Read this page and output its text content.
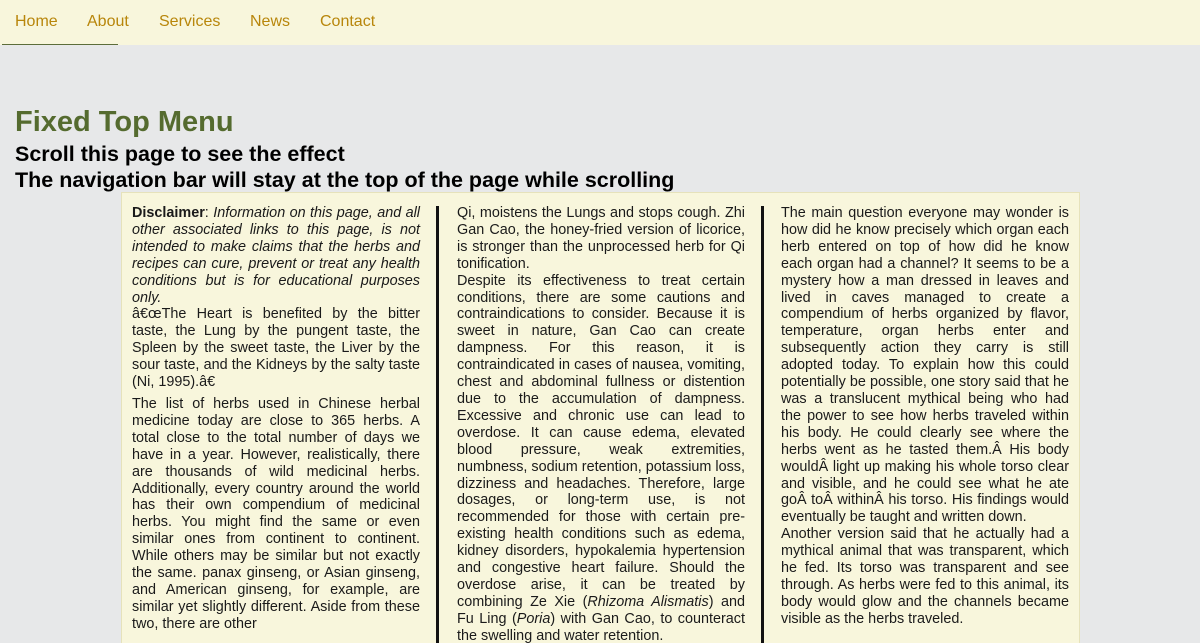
Home About Services News Contact
Fixed Top Menu
Scroll this page to see the effect
The navigation bar will stay at the top of the page while scrolling

Disclaimer: Information on this page, and all other associated links to this page, is not intended to make claims that the herbs and recipes can cure, prevent or treat any health conditions but is for educational purposes only.

â€œThe Heart is benefited by the bitter taste, the Lung by the pungent taste, the Spleen by the sweet taste, the Liver by the sour taste, and the Kidneys by the salty taste (Ni, 1995).â€

The list of herbs used in Chinese herbal medicine today are close to 365 herbs. A total close to the total number of days we have in a year. However, realistically, there are thousands of wild medicinal herbs. Additionally, every country around the world has their own compendium of medicinal herbs. You might find the same or even similar ones from continent to continent. While others may be similar but not exactly the same. panax ginseng, or Asian ginseng, and American ginseng, for example, are similar yet slightly different. Aside from these two, there are other

Qi, moistens the Lungs and stops cough. Zhi Gan Cao, the honey-fried version of licorice, is stronger than the unprocessed herb for Qi tonification.

Despite its effectiveness to treat certain conditions, there are some cautions and contraindications to consider. Because it is sweet in nature, Gan Cao can create dampness. For this reason, it is contraindicated in cases of nausea, vomiting, chest and abdominal fullness or distention due to the accumulation of dampness. Excessive and chronic use can lead to overdose. It can cause edema, elevated blood pressure, weak extremities, numbness, sodium retention, potassium loss, dizziness and headaches. Therefore, large dosages, or long-term use, is not recommended for those with certain pre-existing health conditions such as edema, kidney disorders, hypokalemia hypertension and congestive heart failure. Should the overdose arise, it can be treated by combining Ze Xie (Rhizoma Alismatis) and Fu Ling (Poria) with Gan Cao, to counteract the swelling and water retention.

The main question everyone may wonder is how did he know precisely which organ each herb entered on top of how did he know each organ had a channel? It seems to be a mystery how a man dressed in leaves and lived in caves managed to create a compendium of herbs organized by flavor, temperature, organ herbs enter and subsequently action they carry is still adopted today. To explain how this could potentially be possible, one story said that he was a translucent mythical being who had the power to see how herbs traveled within his body. He could clearly see where the herbs went as he tasted them.Â His body wouldÂ light up making his whole torso clear and visible, and he could see what he ate goÂ toÂ withinÂ his torso. His findings would eventually be taught and written down.

Another version said that he actually had a mythical animal that was transparent, which he fed. Its torso was transparent and see through. As herbs were fed to this animal, its body would glow and the channels became visible as the herbs traveled.
